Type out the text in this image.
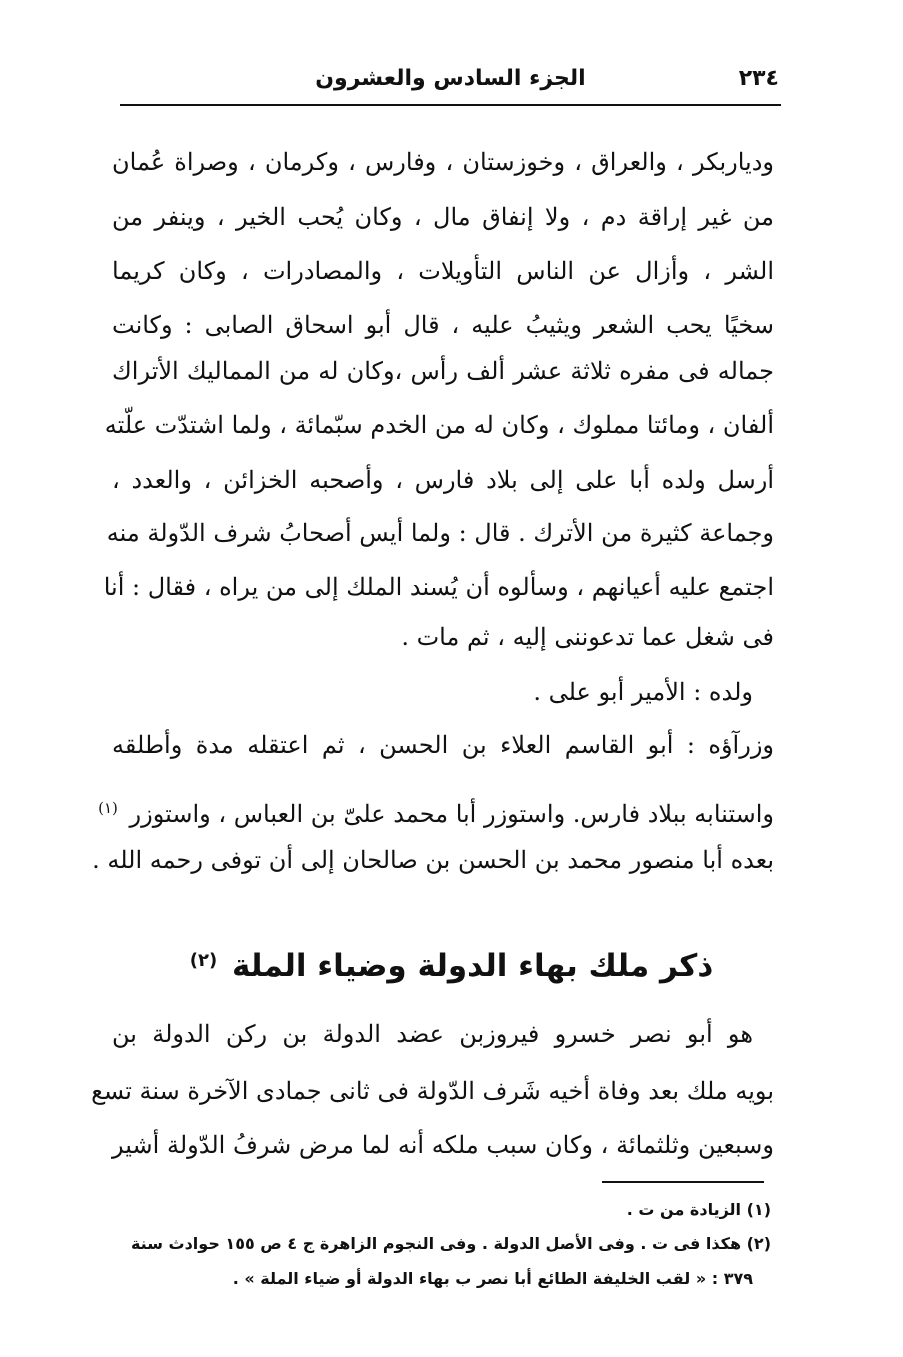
٢٣٤
الجزء السادس والعشرون
ودياربكر ، والعراق ، وخوزستان ، وفارس ، وكرمان ، وصراة عُمان
من غير إراقة دم ، ولا إنفاق مال ، وكان يُحب الخير ، وينفر من
الشر ، وأزال عن الناس التأويلات ، والمصادرات ، وكان كريما
سخيًا يحب الشعر ويثيبُ عليه ، قال أبو اسحاق الصابى : وكانت
جماله فى مفره ثلاثة عشر ألف رأس ،وكان له من المماليك الأتراك
ألفان ، ومائتا مملوك ، وكان له من الخدم سبّمائة ، ولما اشتدّت علّته
أرسل ولده أبا على إلى بلاد فارس ، وأصحبه الخزائن ، والعدد ،
وجماعة كثيرة من الأترك . قال : ولما أيس أصحابُ شرف الدّولة منه
اجتمع عليه أعيانهم ، وسألوه أن يُسند الملك إلى من يراه ، فقال : أنا
فى شغل عما تدعوننى إليه ، ثم مات .
ولده : الأمير أبو على .
وزرآؤه : أبو القاسم العلاء بن الحسن ، ثم اعتقله مدة وأطلقه
واستنابه ببلاد فارس. واستوزر أبا محمد علىّ بن العباس ، واستوزر $^{(١)}$
بعده أبا منصور محمد بن الحسن بن صالحان إلى أن توفى رحمه الله .
ذكر ملك بهاء الدولة وضياء الملة $^{(٢)}$
هو أبو نصر خسرو فيروزبن عضد الدولة بن ركن الدولة بن
بويه ملك بعد وفاة أخيه شَرف الدّولة فى ثانى جمادى الآخرة سنة تسع
وسبعين وثلثمائة ، وكان سبب ملكه أنه لما مرض شرفُ الدّولة أشير
(١) الزيادة من ت .
(٢) هكذا فى ت . وفى الأصل الدولة . وفى النجوم الزاهرة ج ٤ ص ١٥٥ حوادث سنة
٣٧٩ : « لقب الخليفة الطائع أبا نصر ب بهاء الدولة أو ضياء الملة » .
